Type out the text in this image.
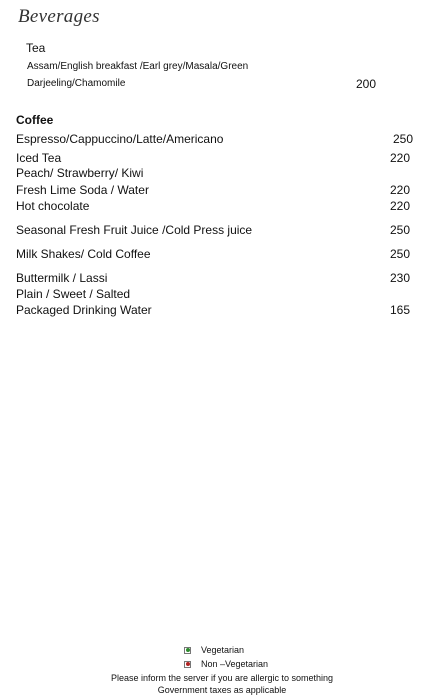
Beverages
Tea
Assam/English breakfast /Earl grey/Masala/Green
Darjeeling/Chamomile	200
Coffee
Espresso/Cappuccino/Latte/Americano	250
Iced Tea	220
Peach/ Strawberry/ Kiwi
Fresh Lime Soda / Water	220
Hot chocolate	220
Seasonal Fresh Fruit Juice /Cold Press juice	250
Milk Shakes/ Cold Coffee	250
Buttermilk / Lassi	230
Plain / Sweet / Salted
Packaged Drinking Water	165
Vegetarian
Non –Vegetarian
Please inform the server if you are allergic to something
Government taxes as applicable
